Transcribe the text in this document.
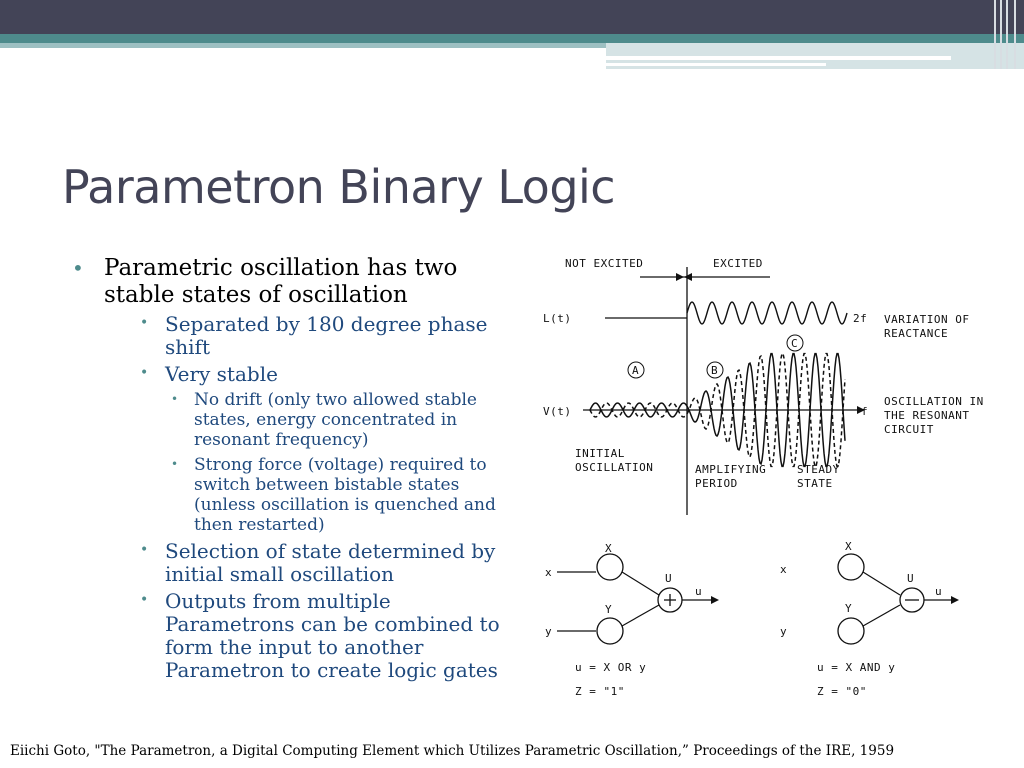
Parametron Binary Logic
• Parametric oscillation has two stable states of oscillation
• Separated by 180 degree phase shift
• Very stable
• No drift (only two allowed stable states, energy concentrated in resonant frequency)
• Strong force (voltage) required to switch between bistable states (unless oscillation is quenched and then restarted)
• Selection of state determined by initial small oscillation
• Outputs from multiple Parametrons can be combined to form the input to another Parametron to create logic gates
NOT EXCITED	EXCITED
L(t)	2f VARIATION OF
REACTANCE
A	B
C
V(t)	f
OSCILLATION IN
THE RESONANT
CIRCUIT
INITIAL
OSCILLATION	AMPLIFYING
PERIOD
STEADY
STATE
X
x
Y
y
U
u
u = X OR y
Z = "1"
X
x
Y
y
U
u
u = X AND y
Z = "0"
Eiichi Goto, "The Parametron, a Digital Computing Element which Utilizes Parametric Oscillation,” Proceedings of the IRE, 1959
